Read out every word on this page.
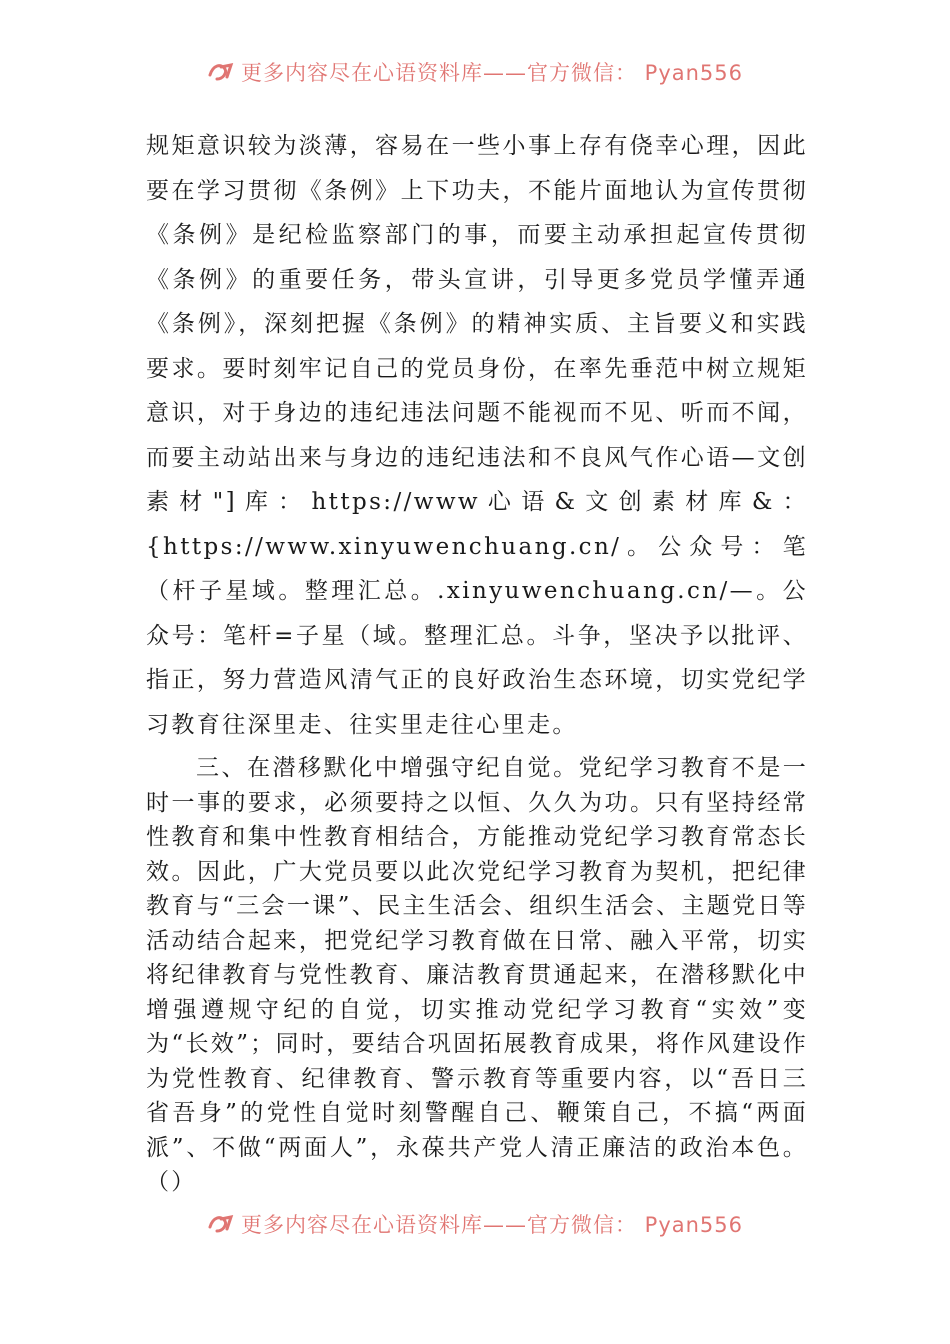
更多内容尽在心语资料库——官方微信： Pyan556

规矩意识较为淡薄，容易在一些小事上存有侥幸心理，因此要在学习贯彻《条例》上下功夫，不能片面地认为宣传贯彻《条例》是纪检监察部门的事，而要主动承担起宣传贯彻《条例》的重要任务，带头宣讲，引导更多党员学懂弄通《条例》，深刻把握《条例》的精神实质、主旨要义和实践要求。要时刻牢记自己的党员身份，在率先垂范中树立规矩意识，对于身边的违纪违法问题不能视而不见、听而不闻，而要主动站出来与身边的违纪违法和不良风气作心语—文创素材"]库：https://www心语&文创素材库&：{https://www.xinyuwenchuang.cn/。公众号：笔（杆子星域。整理汇总。.xinyuwenchuang.cn/—。公众号：笔杆=子星（域。整理汇总。斗争，坚决予以批评、指正，努力营造风清气正的良好政治生态环境，切实党纪学习教育往深里走、往实里走往心里走。

三、在潜移默化中增强守纪自觉。党纪学习教育不是一时一事的要求，必须要持之以恒、久久为功。只有坚持经常性教育和集中性教育相结合，方能推动党纪学习教育常态长效。因此，广大党员要以此次党纪学习教育为契机，把纪律教育与“三会一课”、民主生活会、组织生活会、主题党日等活动结合起来，把党纪学习教育做在日常、融入平常，切实将纪律教育与党性教育、廉洁教育贯通起来，在潜移默化中增强遵规守纪的自觉，切实推动党纪学习教育“实效”变为“长效”；同时，要结合巩固拓展教育成果，将作风建设作为党性教育、纪律教育、警示教育等重要内容，以“吾日三省吾身”的党性自觉时刻警醒自己、鞭策自己，不搞“两面派”、不做“两面人”，永葆共产党人清正廉洁的政治本色。 （）

更多内容尽在心语资料库——官方微信： Pyan556
